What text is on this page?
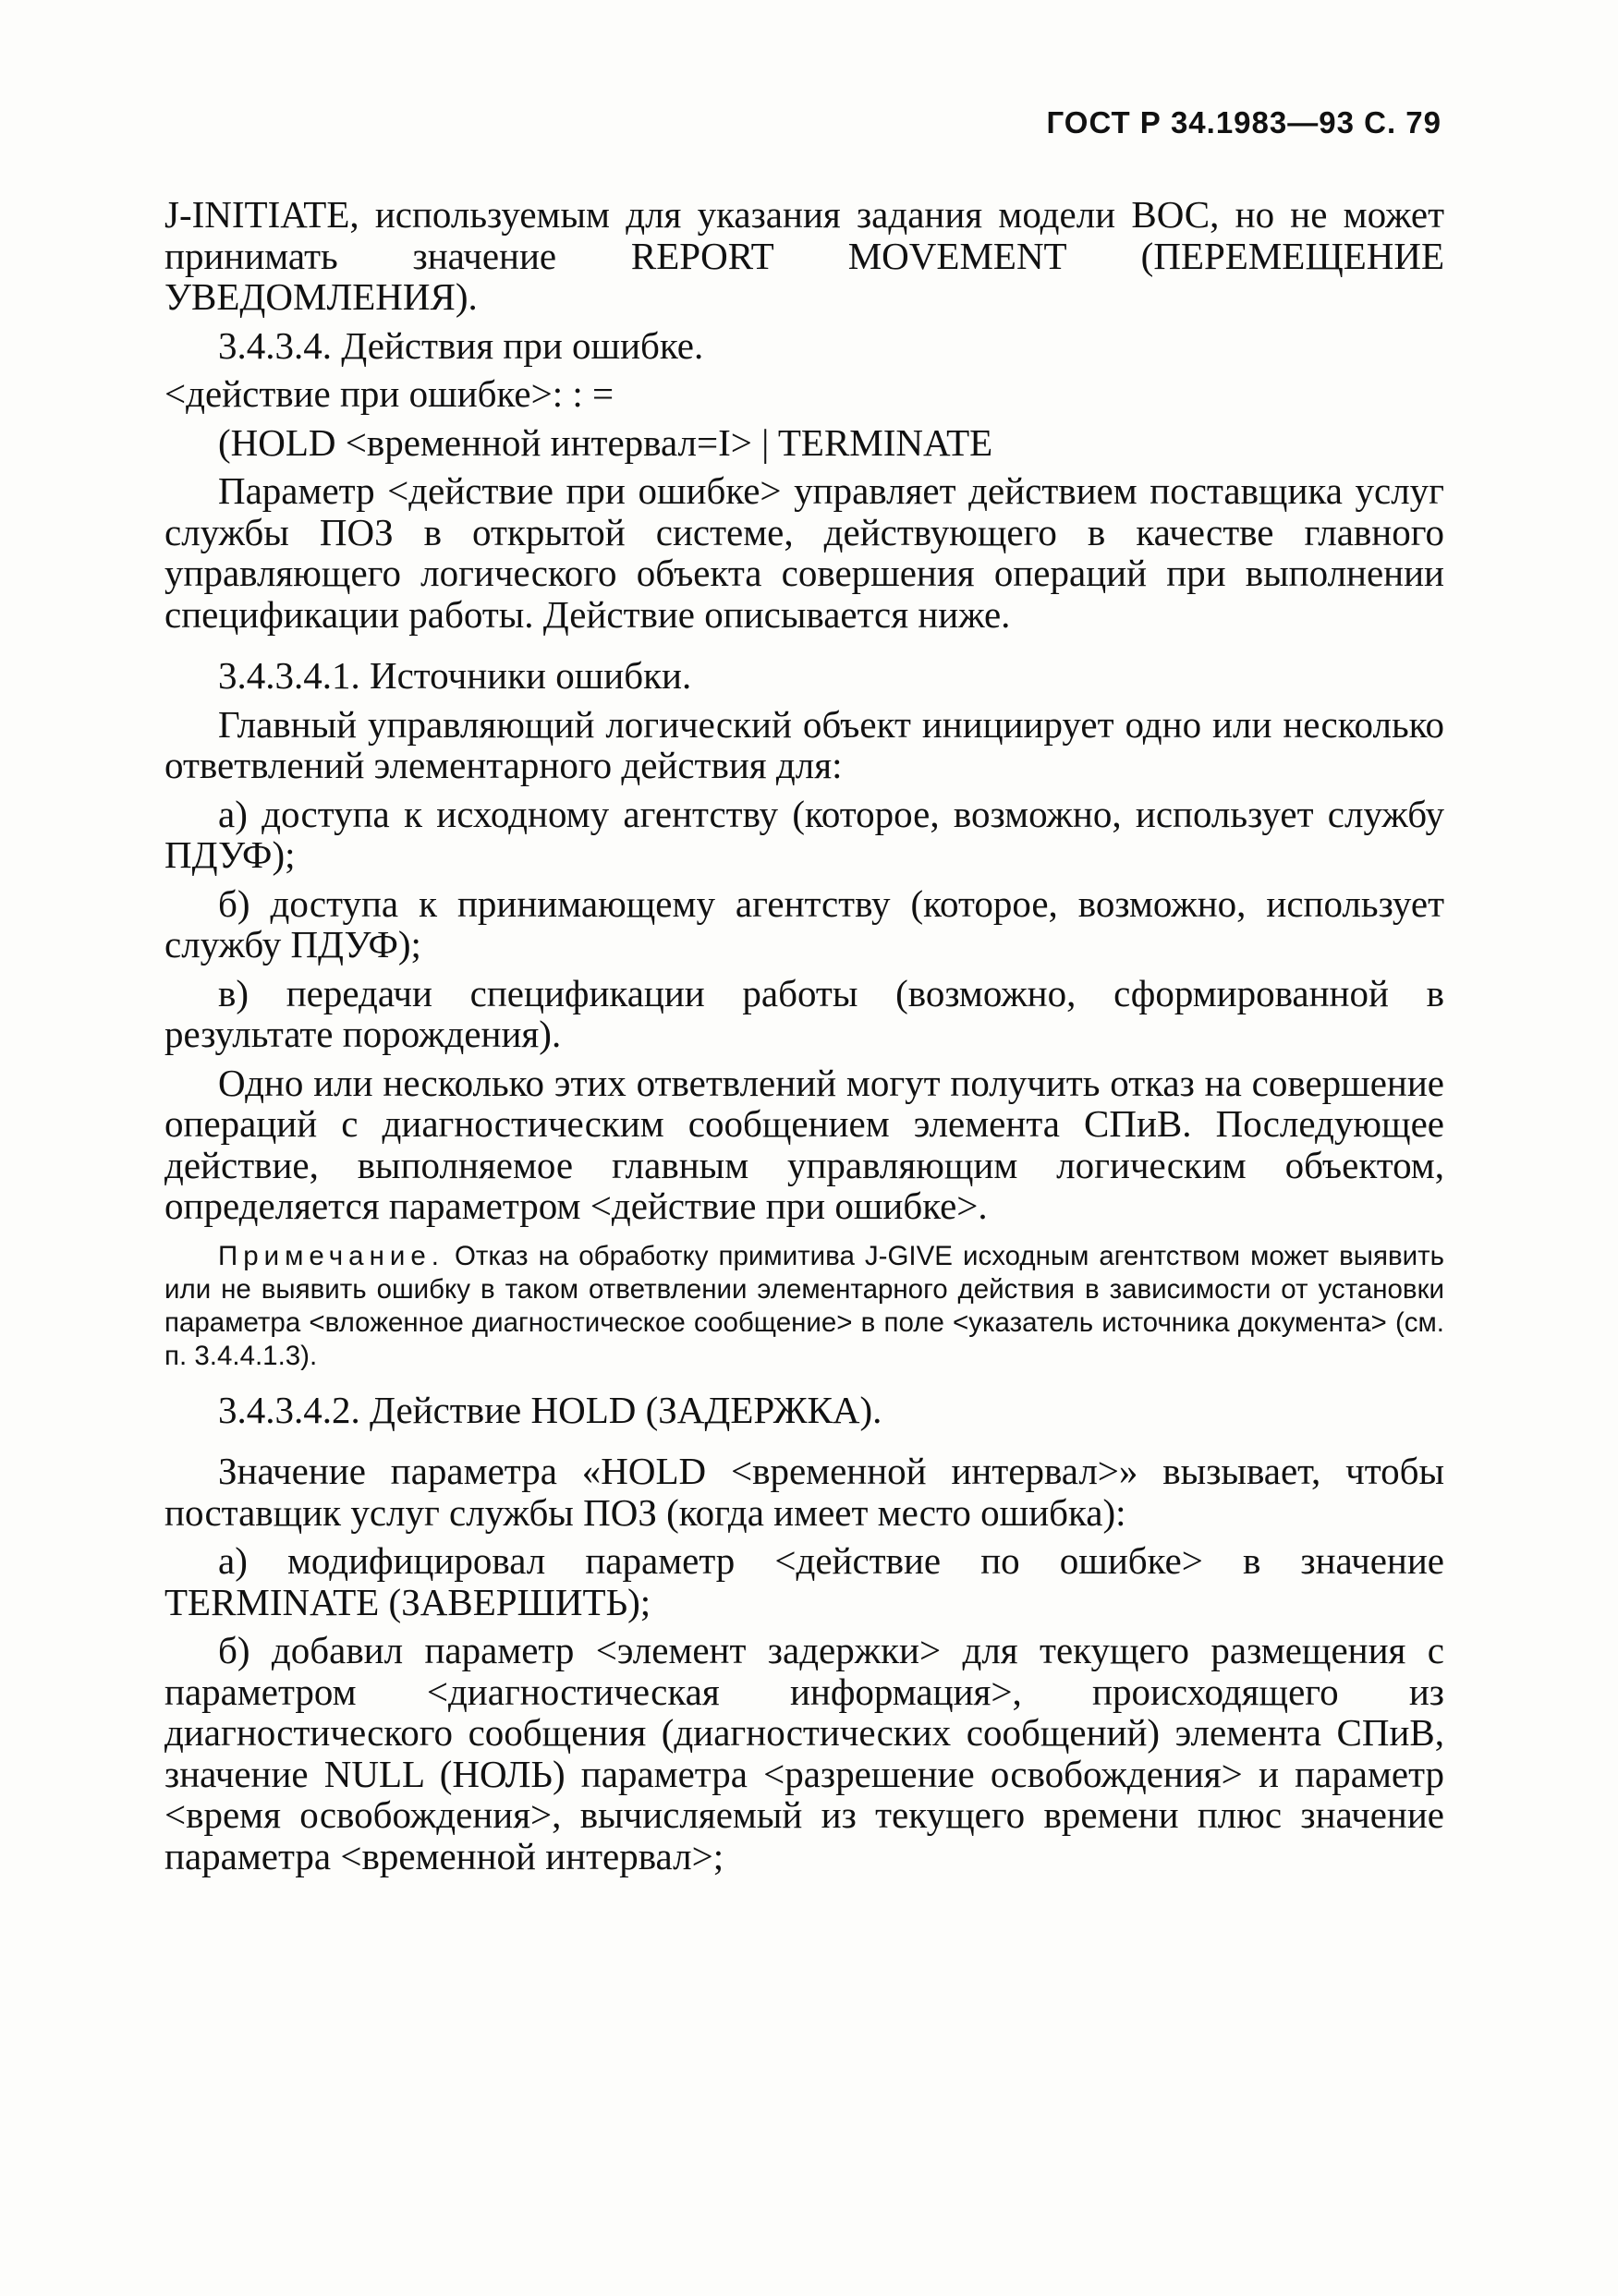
ГОСТ Р 34.1983—93 С. 79

J-INITIATE, используемым для указания задания модели ВОС, но не может принимать значение REPORT MOVEMENT (ПЕРЕМЕЩЕНИЕ УВЕДОМЛЕНИЯ).

3.4.3.4. Действия при ошибке.

<действие при ошибке>: : =

(HOLD <временной интервал=I> | TERMINATE

Параметр <действие при ошибке> управляет действием поставщика услуг службы ПОЗ в открытой системе, действующего в качестве главного управляющего логического объекта совершения операций при выполнении спецификации работы. Действие описывается ниже.

3.4.3.4.1. Источники ошибки.

Главный управляющий логический объект инициирует одно или несколько ответвлений элементарного действия для:

а) доступа к исходному агентству (которое, возможно, использует службу ПДУФ);

б) доступа к принимающему агентству (которое, возможно, использует службу ПДУФ);

в) передачи спецификации работы (возможно, сформированной в результате порождения).

Одно или несколько этих ответвлений могут получить отказ на совершение операций с диагностическим сообщением элемента СПиВ. Последующее действие, выполняемое главным управляющим логическим объектом, определяется параметром <действие при ошибке>.

Примечание. Отказ на обработку примитива J-GIVE исходным агентством может выявить или не выявить ошибку в таком ответвлении элементарного действия в зависимости от установки параметра <вложенное диагностическое сообщение> в поле <указатель источника документа> (см. п. 3.4.4.1.3).

3.4.3.4.2. Действие HOLD (ЗАДЕРЖКА).

Значение параметра «HOLD <временной интервал>» вызывает, чтобы поставщик услуг службы ПОЗ (когда имеет место ошибка):

а) модифицировал параметр <действие по ошибке> в значение TERMINATE (ЗАВЕРШИТЬ);

б) добавил параметр <элемент задержки> для текущего размещения с параметром <диагностическая информация>, происходящего из диагностического сообщения (диагностических сообщений) элемента СПиВ, значение NULL (НОЛЬ) параметра <разрешение освобождения> и параметр <время освобождения>, вычисляемый из текущего времени плюс значение параметра <временной интервал>;
